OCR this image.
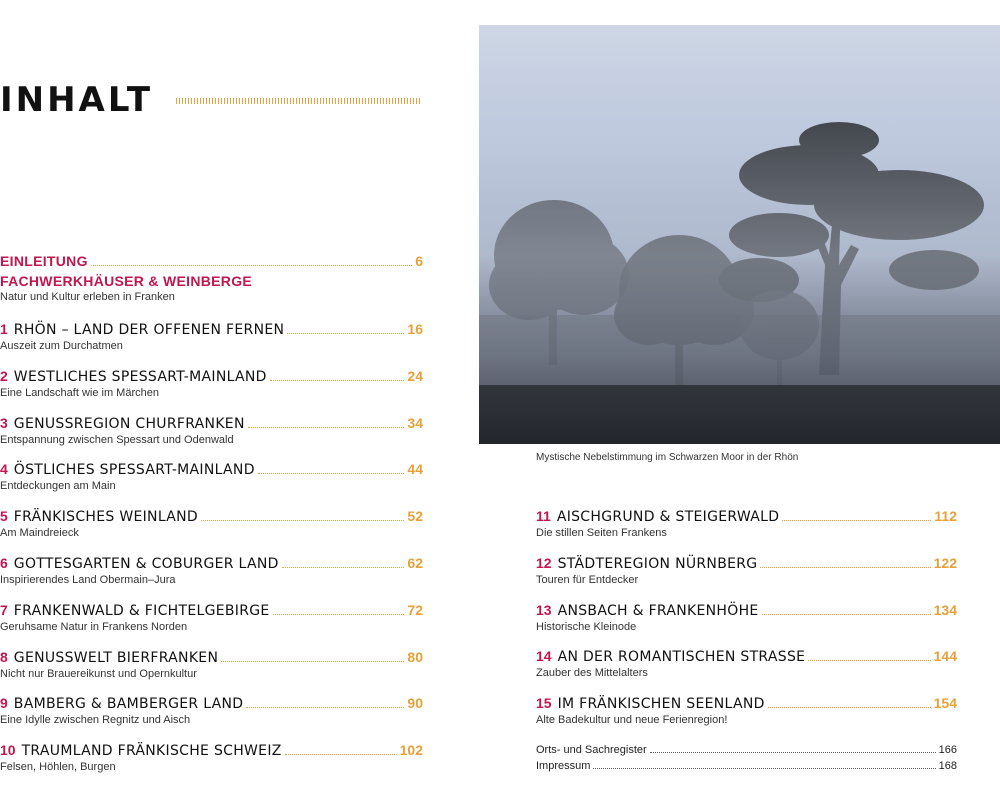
INHALT
Mystische Nebelstimmung im Schwarzen Moor in der Rhön
EINLEITUNG	6
FACHWERKHÄUSER & WEINBERGE
Natur und Kultur erleben in Franken
1 RHÖN – LAND DER OFFENEN FERNEN	16
Auszeit zum Durchatmen
2 WESTLICHES SPESSART-MAINLAND	24
Eine Landschaft wie im Märchen
3 GENUSSREGION CHURFRANKEN	34
Entspannung zwischen Spessart und Odenwald
4 ÖSTLICHES SPESSART-MAINLAND	44
Entdeckungen am Main
5 FRÄNKISCHES WEINLAND	52
Am Maindreieck
6 GOTTESGARTEN & COBURGER LAND	62
Inspirierendes Land Obermain–Jura
7 FRANKENWALD & FICHTELGEBIRGE	72
Geruhsame Natur in Frankens Norden
8 GENUSSWELT BIERFRANKEN	80
Nicht nur Brauereikunst und Opernkultur
9 BAMBERG & BAMBERGER LAND	90
Eine Idylle zwischen Regnitz und Aisch
10 TRAUMLAND FRÄNKISCHE SCHWEIZ	102
Felsen, Höhlen, Burgen
Orts- und Sachregister	166
Impressum	168
11 AISCHGRUND & STEIGERWALD	112
Die stillen Seiten Frankens
12 STÄDTEREGION NÜRNBERG	122
Touren für Entdecker
13 ANSBACH & FRANKENHÖHE	134
Historische Kleinode
14 AN DER ROMANTISCHEN STRASSE	144
Zauber des Mittelalters
15 IM FRÄNKISCHEN SEENLAND	154
Alte Badekultur und neue Ferienregion!
